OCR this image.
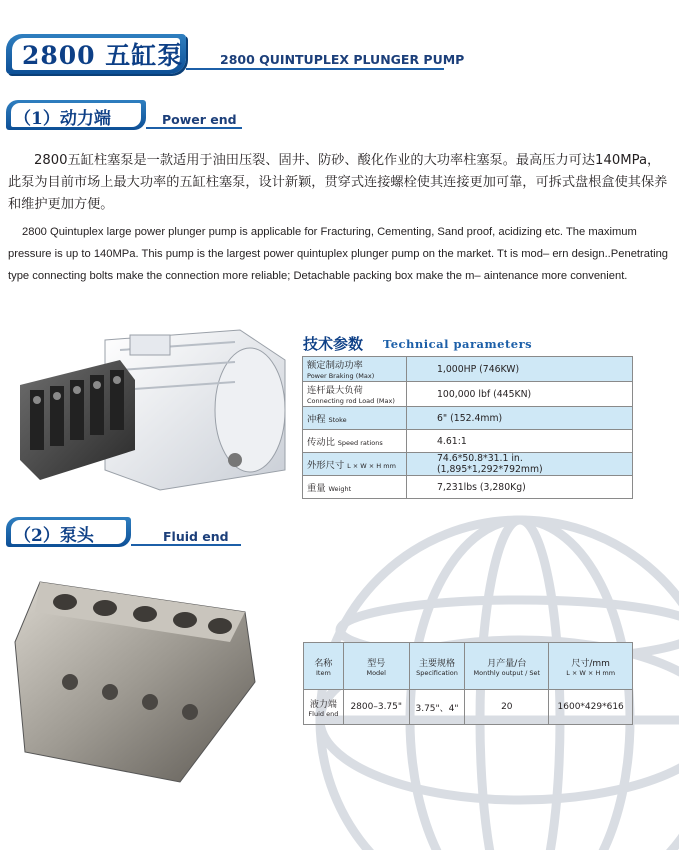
2800 五缸泵	2800 QUINTUPLEX PLUNGER PUMP
（1）动力端	Power end

2800五缸柱塞泵是一款适用于油田压裂、固井、防砂、酸化作业的大功率柱塞泵。最高压力可达140MPa，此泵为目前市场上最大功率的五缸柱塞泵，设计新颖，贯穿式连接螺栓使其连接更加可靠，可拆式盘根盒使其保养和维护更加方便。

2800 Quintuplex large power plunger pump is applicable for Fracturing, Cementing, Sand proof, acidizing etc. The maximum pressure is up to 140MPa. This pump is the largest power quintuplex plunger pump on the market. Tt is mod– ern design..Penetrating type connecting bolts make the connection more reliable; Detachable packing box make the m– aintenance more convenient.

技术参数 Technical parameters
额定制动功率
Power Braking (Max)	1,000HP (746KW)
连杆最大负荷
Connecting rod Load (Max)	100,000 lbf (445KN)
冲程 Stoke	6" (152.4mm)
传动比 Speed rations	4.61:1
外形尺寸 L × W × H mm	74.6*50.8*31.1 in. (1,895*1,292*792mm)
重量 Weight	7,231lbs (3,280Kg)
（2）泵头	Fluid end
名称
Item	型号
Model	主要规格
Specification	月产量/台
Monthly output / Set	尺寸/mm
L × W × H mm

液力端
Fluid end	2800–3.75"	3.75"、4"	20	1600*429*616
